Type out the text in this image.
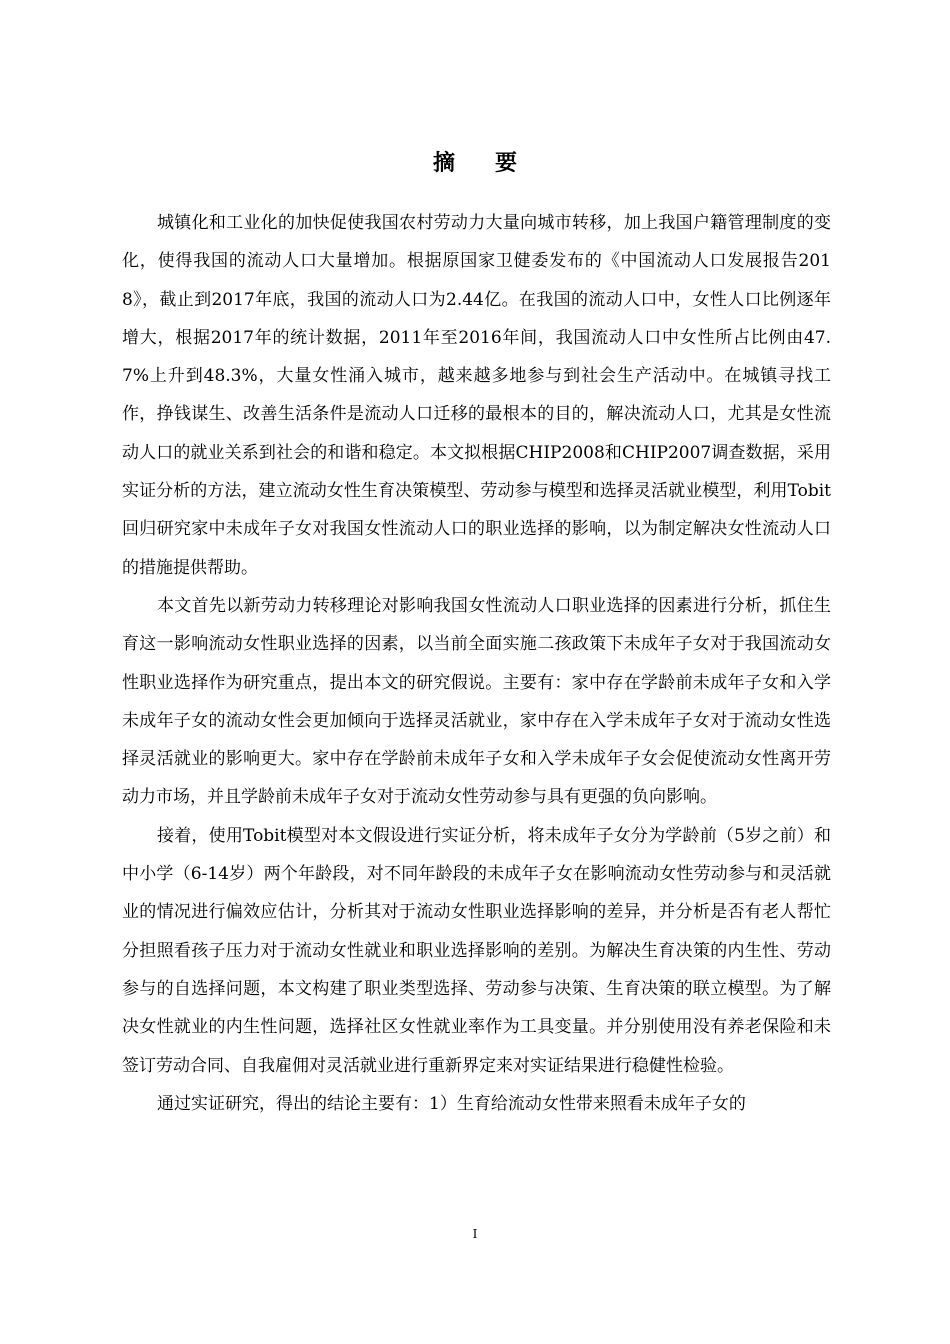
摘要

城镇化和工业化的加快促使我国农村劳动力大量向城市转移，加上我国户籍管理制度的变化，使得我国的流动人口大量增加。根据原国家卫健委发布的《中国流动人口发展报告2018》，截止到2017年底，我国的流动人口为2.44亿。在我国的流动人口中，女性人口比例逐年增大，根据2017年的统计数据，2011年至2016年间，我国流动人口中女性所占比例由47.7%上升到48.3%，大量女性涌入城市，越来越多地参与到社会生产活动中。在城镇寻找工作，挣钱谋生、改善生活条件是流动人口迁移的最根本的目的，解决流动人口，尤其是女性流动人口的就业关系到社会的和谐和稳定。本文拟根据CHIP2008和CHIP2007调查数据，采用实证分析的方法，建立流动女性生育决策模型、劳动参与模型和选择灵活就业模型，利用Tobit回归研究家中未成年子女对我国女性流动人口的职业选择的影响，以为制定解决女性流动人口的措施提供帮助。

本文首先以新劳动力转移理论对影响我国女性流动人口职业选择的因素进行分析，抓住生育这一影响流动女性职业选择的因素，以当前全面实施二孩政策下未成年子女对于我国流动女性职业选择作为研究重点，提出本文的研究假说。主要有：家中存在学龄前未成年子女和入学未成年子女的流动女性会更加倾向于选择灵活就业，家中存在入学未成年子女对于流动女性选择灵活就业的影响更大。家中存在学龄前未成年子女和入学未成年子女会促使流动女性离开劳动力市场，并且学龄前未成年子女对于流动女性劳动参与具有更强的负向影响。

接着，使用Tobit模型对本文假设进行实证分析，将未成年子女分为学龄前（5岁之前）和中小学（6-14岁）两个年龄段，对不同年龄段的未成年子女在影响流动女性劳动参与和灵活就业的情况进行偏效应估计，分析其对于流动女性职业选择影响的差异，并分析是否有老人帮忙分担照看孩子压力对于流动女性就业和职业选择影响的差别。为解决生育决策的内生性、劳动参与的自选择问题，本文构建了职业类型选择、劳动参与决策、生育决策的联立模型。为了解决女性就业的内生性问题，选择社区女性就业率作为工具变量。并分别使用没有养老保险和未签订劳动合同、自我雇佣对灵活就业进行重新界定来对实证结果进行稳健性检验。

通过实证研究，得出的结论主要有：1）生育给流动女性带来照看未成年子女的

I
